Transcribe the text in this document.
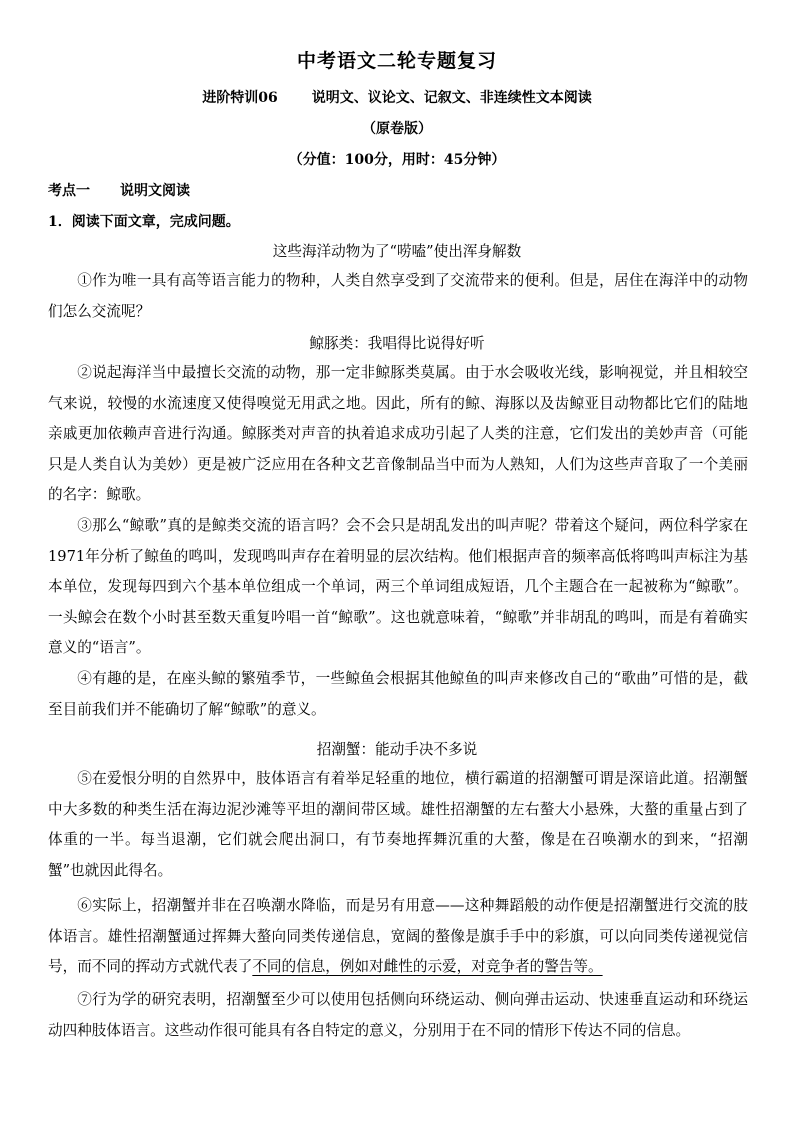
中考语文二轮专题复习
进阶特训06 说明文、议论文、记叙文、非连续性文本阅读
（原卷版）
（分值：100分，用时：45分钟）
考点一 说明文阅读
1．阅读下面文章，完成问题。
这些海洋动物为了“唠嗑”使出浑身解数
①作为唯一具有高等语言能力的物种，人类自然享受到了交流带来的便利。但是，居住在海洋中的动物们怎么交流呢？
鲸豚类：我唱得比说得好听
②说起海洋当中最擅长交流的动物，那一定非鲸豚类莫属。由于水会吸收光线，影响视觉，并且相较空气来说，较慢的水流速度又使得嗅觉无用武之地。因此，所有的鲸、海豚以及齿鲸亚目动物都比它们的陆地亲戚更加依赖声音进行沟通。鲸豚类对声音的执着追求成功引起了人类的注意，它们发出的美妙声音（可能只是人类自认为美妙）更是被广泛应用在各种文艺音像制品当中而为人熟知，人们为这些声音取了一个美丽的名字：鲸歌。
③那么“鲸歌”真的是鲸类交流的语言吗？会不会只是胡乱发出的叫声呢？带着这个疑问，两位科学家在1971年分析了鲸鱼的鸣叫，发现鸣叫声存在着明显的层次结构。他们根据声音的频率高低将鸣叫声标注为基本单位，发现每四到六个基本单位组成一个单词，两三个单词组成短语，几个主题合在一起被称为“鲸歌”。一头鲸会在数个小时甚至数天重复吟唱一首“鲸歌”。这也就意味着，“鲸歌”并非胡乱的鸣叫，而是有着确实意义的“语言”。
④有趣的是，在座头鲸的繁殖季节，一些鲸鱼会根据其他鲸鱼的叫声来修改自己的“歌曲”可惜的是，截至目前我们并不能确切了解“鲸歌”的意义。
招潮蟹：能动手决不多说
⑤在爱恨分明的自然界中，肢体语言有着举足轻重的地位，横行霸道的招潮蟹可谓是深谙此道。招潮蟹中大多数的种类生活在海边泥沙滩等平坦的潮间带区域。雄性招潮蟹的左右螯大小悬殊，大螯的重量占到了体重的一半。每当退潮，它们就会爬出洞口，有节奏地挥舞沉重的大螯，像是在召唤潮水的到来，“招潮蟹”也就因此得名。
⑥实际上，招潮蟹并非在召唤潮水降临，而是另有用意——这种舞蹈般的动作便是招潮蟹进行交流的肢体语言。雄性招潮蟹通过挥舞大螯向同类传递信息，宽阔的螯像是旗手手中的彩旗，可以向同类传递视觉信号，而不同的挥动方式就代表了不同的信息，例如对雌性的示爱，对竞争者的警告等。
⑦行为学的研究表明，招潮蟹至少可以使用包括侧向环绕运动、侧向弹击运动、快速垂直运动和环绕运动四种肢体语言。这些动作很可能具有各自特定的意义，分别用于在不同的情形下传达不同的信息。
